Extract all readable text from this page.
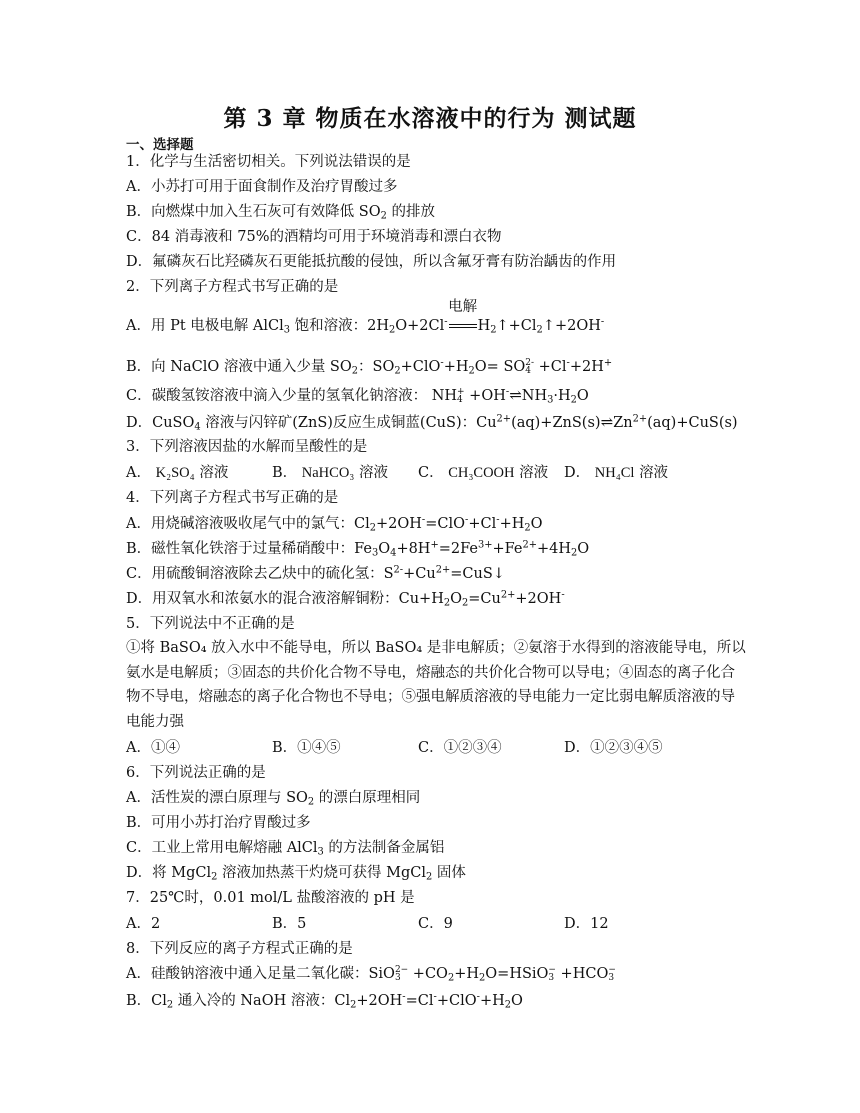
第 3 章 物质在水溶液中的行为 测试题
一、选择题
1．化学与生活密切相关。下列说法错误的是
A．小苏打可用于面食制作及治疗胃酸过多
B．向燃煤中加入生石灰可有效降低 $SO_2$ 的排放
C．84 消毒液和 75%的酒精均可用于环境消毒和漂白衣物
D．氟磷灰石比羟磷灰石更能抵抗酸的侵蚀，所以含氟牙膏有防治龋齿的作用
2．下列离子方程式书写正确的是
A．用 Pt 电极电解 AlCl$_3$ 饱和溶液：$2H_2O+2Cl^-$
电解
$H_2↑+Cl_2↑+2OH^-$
B．向 NaClO 溶液中通入少量 $SO_2$：$SO_2+ClO^-+H_2O=$ SO 2-
4 +Cl-+2H+
C．碳酸氢铵溶液中滴入少量的氢氧化钠溶液： NH +
$4 +OH^-\rightleftharpoons NH_3\cdot H_2O$
D．CuSO$_4$ 溶液与闪锌矿(ZnS)反应生成铜蓝(CuS)：$Cu^{2+}(aq)+ZnS(s)\rightleftharpoons Zn^{2+}(aq)+CuS(s)$
3．下列溶液因盐的水解而呈酸性的是
A． K₂SO₄ 溶液	B． NaHCO₃ 溶液 C． CH₃COOH 溶液 D． NH₄Cl 溶液
4．下列离子方程式书写正确的是
A．用烧碱溶液吸收尾气中的氯气：$Cl_2+2OH^-=ClO^-+Cl^-+H_2O$
B．磁性氧化铁溶于过量稀硝酸中：$Fe_3O_4+8H^+=2Fe^{3+}+Fe^{2+}+4H_2O$
C．用硫酸铜溶液除去乙炔中的硫化氢：$S^{2-}+Cu^{2+}=CuS↓$
D．用双氧水和浓氨水的混合液溶解铜粉：$Cu+H_2O_2=Cu^{2+}+2OH^-$
5．下列说法中不正确的是
①将 BaSO₄ 放入水中不能导电，所以 BaSO₄ 是非电解质；②氨溶于水得到的溶液能导电，所以氨水是电解质；③固态的共价化合物不导电，熔融态的共价化合物可以导电；④固态的离子化合物不导电，熔融态的离子化合物也不导电；⑤强电解质溶液的导电能力一定比弱电解质溶液的导电能力强
A．①④	B．①④⑤	C．①②③④	D．①②③④⑤
6．下列说法正确的是
A．活性炭的漂白原理与 $SO_2$ 的漂白原理相同
B．可用小苏打治疗胃酸过多
C．工业上常用电解熔融 AlCl$_3$ 的方法制备金属铝
D．将 MgCl$_2$ 溶液加热蒸干灼烧可获得 MgCl$_2$ 固体
7．25℃时，0.01 mol/L 盐酸溶液的 pH 是
A．2	B．5	C．9	D．12
8．下列反应的离子方程式正确的是
A．硅酸钠溶液中通入足量二氧化碳：SiO 2−
$3 +CO_2+H_2O=HSiO$ −
3 +HCO −
3
B．$Cl_2$ 通入冷的 NaOH 溶液：$Cl_2+2OH^-=Cl^-+ClO^-+H_2O$
